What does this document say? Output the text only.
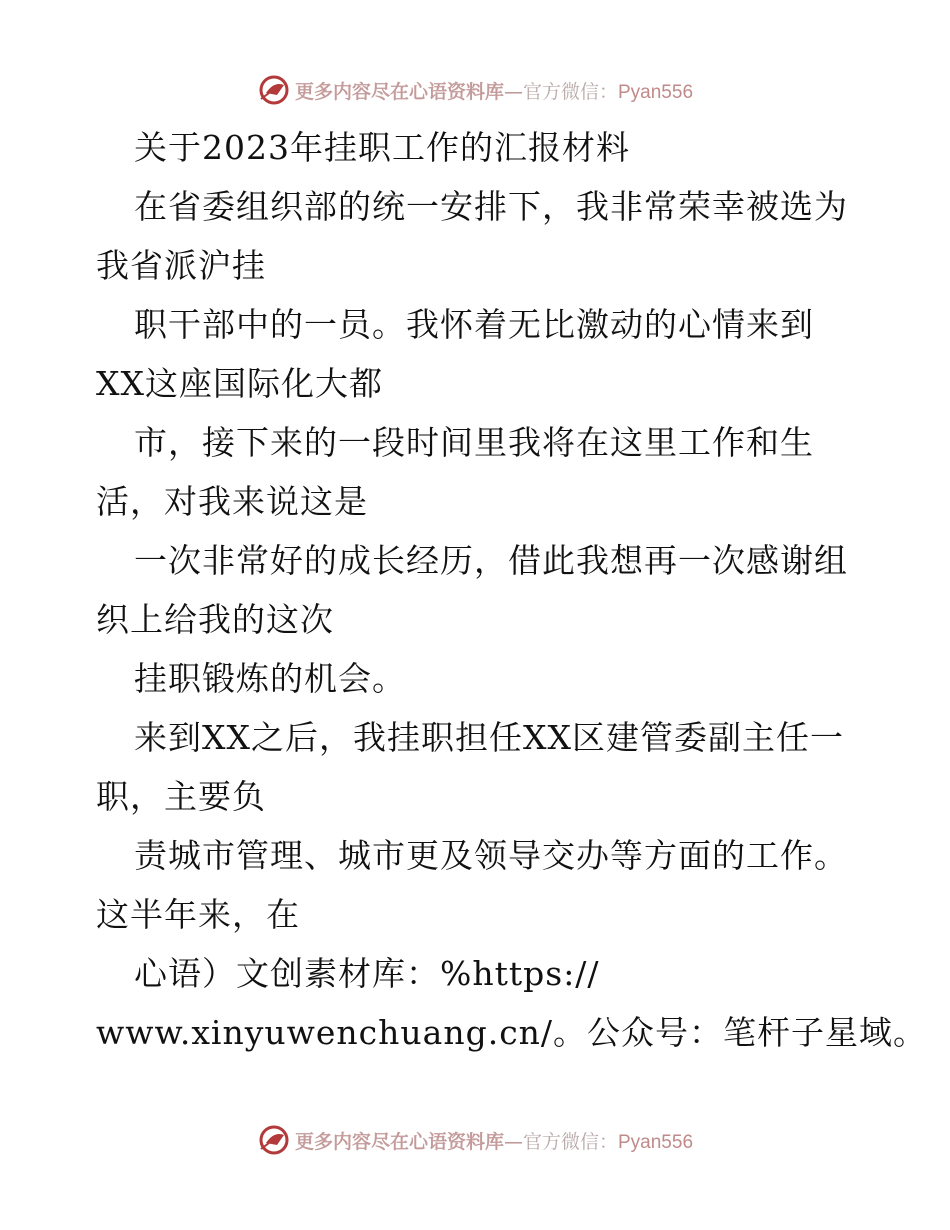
更多内容尽在心语资料库—官方微信：Pyan556
关于2023年挂职工作的汇报材料
在省委组织部的统一安排下，我非常荣幸被选为
我省派沪挂
职干部中的一员。我怀着无比激动的心情来到
XX这座国际化大都
市，接下来的一段时间里我将在这里工作和生
活，对我来说这是
一次非常好的成长经历，借此我想再一次感谢组
织上给我的这次
挂职锻炼的机会。
来到XX之后，我挂职担任XX区建管委副主任一
职，主要负
责城市管理、城市更及领导交办等方面的工作。
这半年来，在
心语）文创素材库：%https://
www.xinyuwenchuang.cn/。公众号：笔杆子星域。
更多内容尽在心语资料库—官方微信：Pyan556
